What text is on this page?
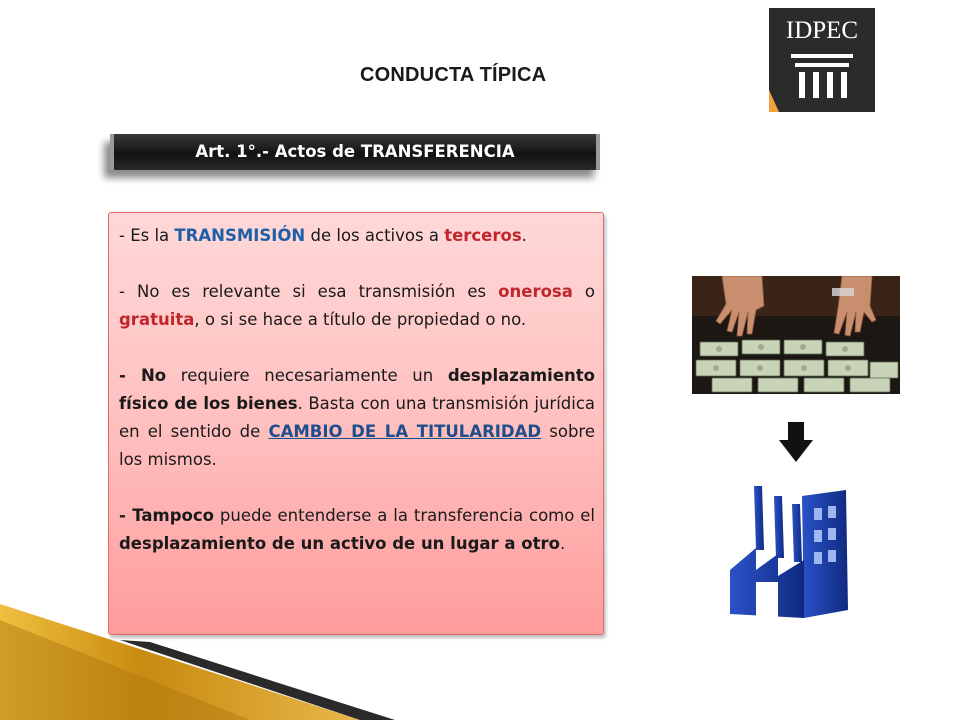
CONDUCTA TÍPICA
IDPEC
Art. 1°.- Actos de TRANSFERENCIA

- Es la TRANSMISIÓN de los activos a terceros.

- No es relevante si esa transmisión es onerosa o gratuita, o si se hace a título de propiedad o no.

- No requiere necesariamente un desplazamiento físico de los bienes. Basta con una transmisión jurídica en el sentido de CAMBIO DE LA TITULARIDAD sobre los mismos.

- Tampoco puede entenderse a la transferencia como el desplazamiento de un activo de un lugar a otro.
